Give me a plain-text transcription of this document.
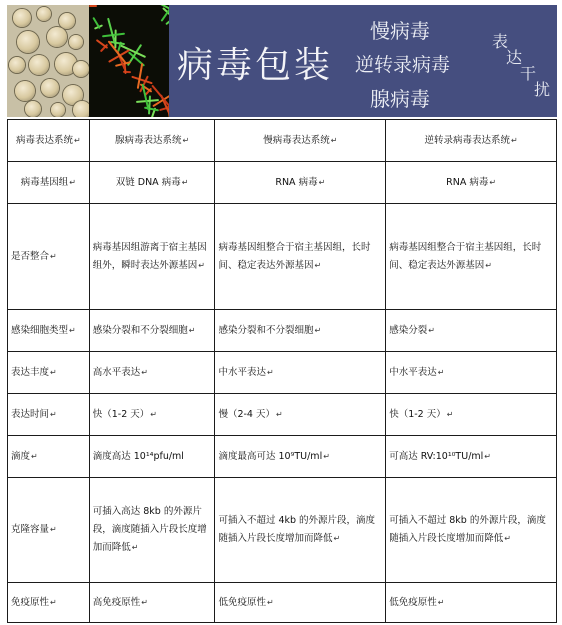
病毒包装
慢病毒
逆转录病毒
腺病毒
表
达
干
扰
病毒表达系统↵	腺病毒表达系统↵	慢病毒表达系统↵	逆转录病毒表达系统↵
病毒基因组↵	双链 DNA 病毒↵	RNA 病毒↵	RNA 病毒↵
是否整合↵	病毒基因组游离于宿主基因组外，瞬时表达外源基因↵	病毒基因组整合于宿主基因组，长时间、稳定表达外源基因↵	病毒基因组整合于宿主基因组，长时间、稳定表达外源基因↵
感染细胞类型↵	感染分裂和不分裂细胞↵	感染分裂和不分裂细胞↵	感染分裂↵
表达丰度↵	高水平表达↵	中水平表达↵	中水平表达↵
表达时间↵	快（1-2 天）↵	慢（2-4 天）↵	快（1-2 天）↵
滴度↵	滴度高达 10¹⁴pfu/ml	滴度最高可达 10⁹TU/ml↵	可高达 RV:10¹⁰TU/ml↵
克隆容量↵	可插入高达 8kb 的外源片段，滴度随插入片段长度增加而降低↵	可插入不超过 4kb 的外源片段，滴度随插入片段长度增加而降低↵	可插入不超过 8kb 的外源片段，滴度随插入片段长度增加而降低↵
免疫原性↵	高免疫原性↵	低免疫原性↵	低免疫原性↵
